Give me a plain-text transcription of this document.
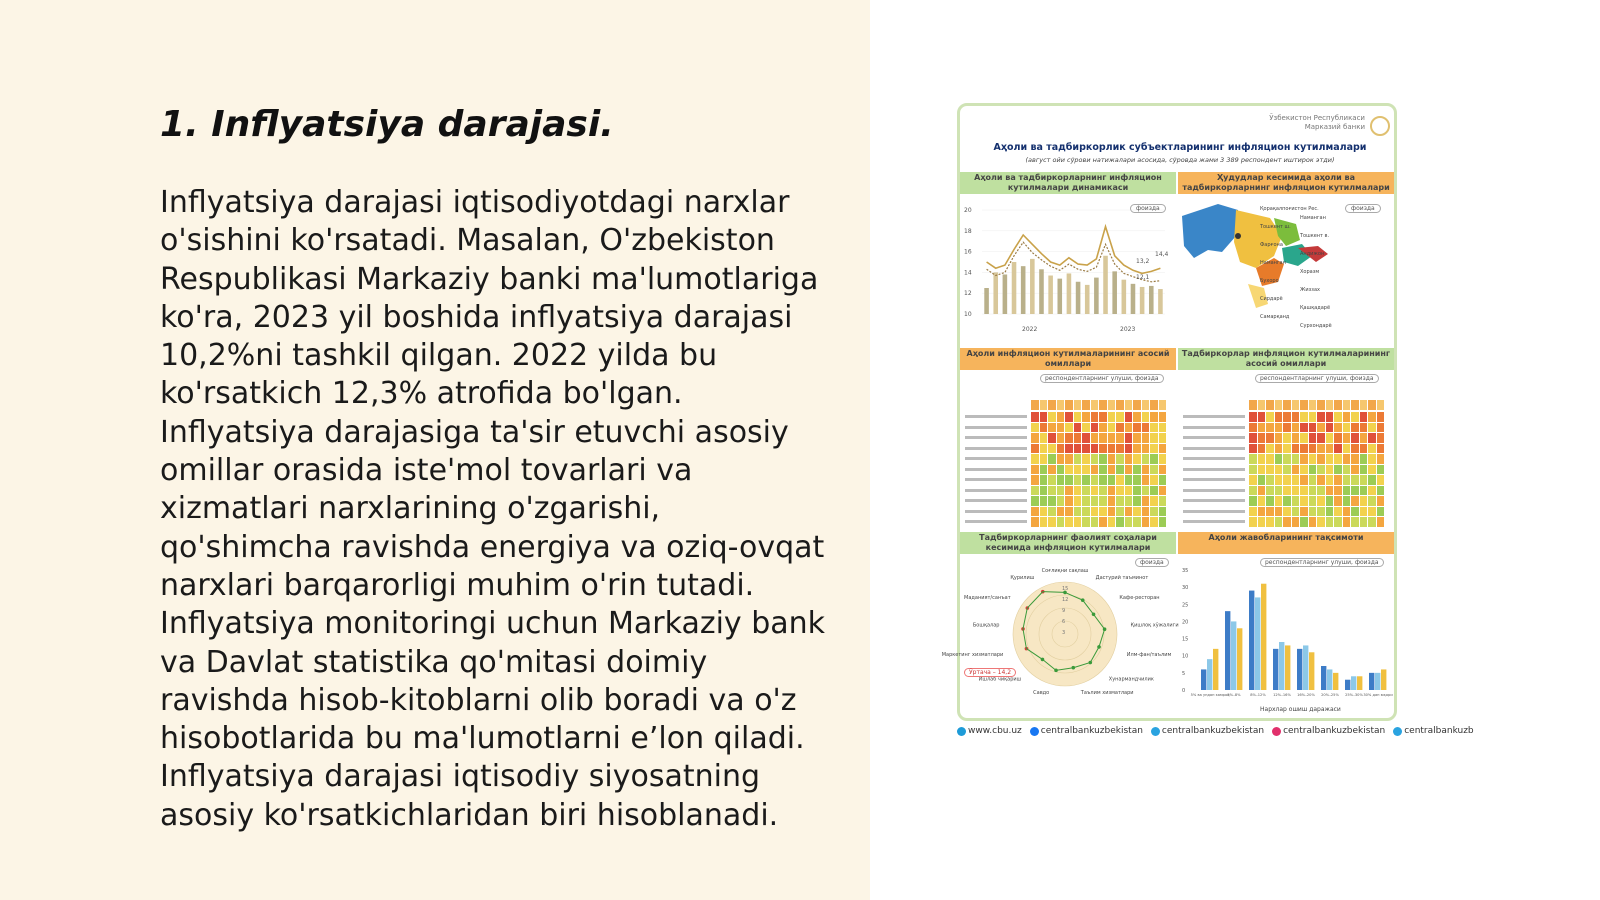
1. Inflyatsiya darajasi.

Inflyatsiya darajasi iqtisodiyotdagi narxlar o'sishini ko'rsatadi. Masalan, O'zbekiston Respublikasi Markaziy banki ma'lumotlariga ko'ra, 2023 yil boshida inflyatsiya darajasi 10,2%ni tashkil qilgan. 2022 yilda bu ko'rsatkich 12,3% atrofida bo'lgan. Inflyatsiya darajasiga ta'sir etuvchi asosiy omillar orasida iste'mol tovarlari va xizmatlari narxlarining o'zgarishi, qo'shimcha ravishda energiya va oziq-ovqat narxlari barqarorligi muhim o'rin tutadi. Inflyatsiya monitoringi uchun Markaziy bank va Davlat statistika qo'mitasi doimiy ravishda hisob-kitoblarni olib boradi va o'z hisobotlarida bu ma'lumotlarni e’lon qiladi. Inflyatsiya darajasi iqtisodiy siyosatning asosiy ko'rsatkichlaridan biri hisoblanadi.

Ўзбекистон Республикаси Марказий банки
Аҳоли ва тадбиркорлик субъектларининг инфляцион кутилмалари
(август ойи сўрови натижалари асосида, сўровда жами 3 389 респондент иштирок этди)
Аҳоли ва тадбиркорларнинг инфляцион кутилмалари динамикаси
Ҳудудлар кесимида аҳоли ва тадбиркорларнинг инфляцион кутилмалари
20
18
16
14
12
10
фоизда
2022	2023
14,4
13,2
12,1
фоизда
Қорақалпоғистон Рес.
Наманган
Тошкент ш.
Тошкент в.
Фарғона
Андижон
Наманган
Хоразм
Бухоро
Жиззах
Сирдарё
Қашқадарё
Самарқанд
Сурхондарё
Аҳоли инфляцион кутилмаларининг асосий омиллари
Тадбиркорлар инфляцион кутилмаларининг асосий омиллари
респондентларнинг улуши, фоизда	респондентларнинг улуши, фоизда
Тадбиркорларнинг фаолият соҳалари кесимида инфляцион кутилмалари
Аҳоли жавобларининг тақсимоти
Соғлиқни сақлаш
Дастурий таъминот
Кафе-ресторан
Қишлоқ хўжалиги
Илм-фан/таълим
Хунармандчилик
Таълим хизматлари
Савдо
Ишлаб чиқариш
Маркетинг хизматлари
Бошқалар
Маданият/санъат
Қурилиш
15
12
9
6
3
Ўртача – 14,2
фоизда
35
30
25
20
15
10
5
0
5% ва ундан камроқ
5%–8%	8%–12% 12%–16% 16%–20% 20%–25% 25%–30% 30% дан юқори
респондентларнинг улуши, фоизда
Нархлар ошиш даражаси
www.cbu.uz centralbankuzbekistan centralbankuzbekistan centralbankuzbekistan centralbankuzb
